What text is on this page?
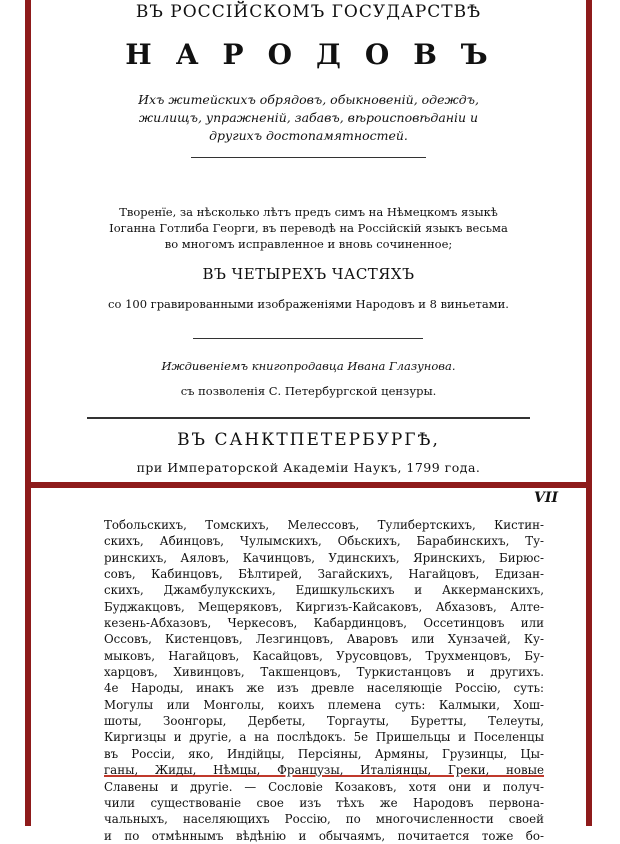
ВЪ РОССІЙСКОМЪ ГОСУДАРСТВѢ
НАРОДОВЪ
Ихъ житейскихъ обрядовъ, обыкновеній, одеждъ,
жилищъ, упражненій, забавъ, вѣроисповѣданіи и
другихъ достопамятностей.
Творенїе, за нѣсколько лѣтъ предъ симъ на Нѣмецкомъ языкѣ
Іоганна Готлиба Георги, въ переводѣ на Россійскій языкъ весьма
во многомъ исправленное и вновь сочиненное;
ВЪ ЧЕТЫРЕХЪ ЧАСТЯХЪ
со 100 гравированными изображеніями Народовъ и 8 виньетами.
Иждивеніемъ книгопродавца Ивана Глазунова.
съ позволенія С. Петербургской цензуры.
ВЪ САНКТПЕТЕРБУРГѢ,
при Императорской Академіи Наукъ, 1799 года.
VII
Тобольскихъ, Томскихъ, Мелессовъ, Тулибертскихъ, Кистин-
скихъ, Абинцовъ, Чулымскихъ, Обьскихъ, Барабинскихъ, Ту-
ринскихъ, Аяловъ, Качинцовъ, Удинскихъ, Яринскихъ, Бирюс-
совъ, Кабинцовъ, Бѣлтирей, Загайскихъ, Нагайцовъ, Едизан-
скихъ, Джамбулукскихъ, Едишкульскихъ и Аккерманскихъ,
Буджакцовъ, Мещеряковъ, Киргизъ-Кайсаковъ, Абхазовъ, Алте-
кезень-Абхазовъ, Черкесовъ, Кабардинцовъ, Оссетинцовъ или
Оссовъ, Кистенцовъ, Лезгинцовъ, Аваровъ или Хунзачей, Ку-
мыковъ, Нагайцовъ, Касайцовъ, Урусовцовъ, Трухменцовъ, Бу-
харцовъ, Хивинцовъ, Такшенцовъ, Туркистанцовъ и другихъ.
4е Народы, инакъ же изъ древле населяющіе Россію, суть:
Могулы или Монголы, коихъ племена суть: Калмыки, Хош-
шоты, Зоонгоры, Дербеты, Торгауты, Буретты, Телеуты,
Киргизцы и другіе, а на послѣдокъ. 5е Пришельцы и Поселенцы
въ Россіи, яко, Индійцы, Персіяны, Армяны, Грузинцы, Цы-
ганы, Жиды, Нѣмцы, Французы, Италіянцы, Греки, новые
Славены и другіе. — Сословіе Козаковъ, хотя они и получ-
чили существованіе свое изъ тѣхъ же Народовъ первона-
чальныхъ, населяющихъ Россію, по многочисленности своей
и по отмѣннымъ вѣдѣнію и обычаямъ, почитается тоже бо-
